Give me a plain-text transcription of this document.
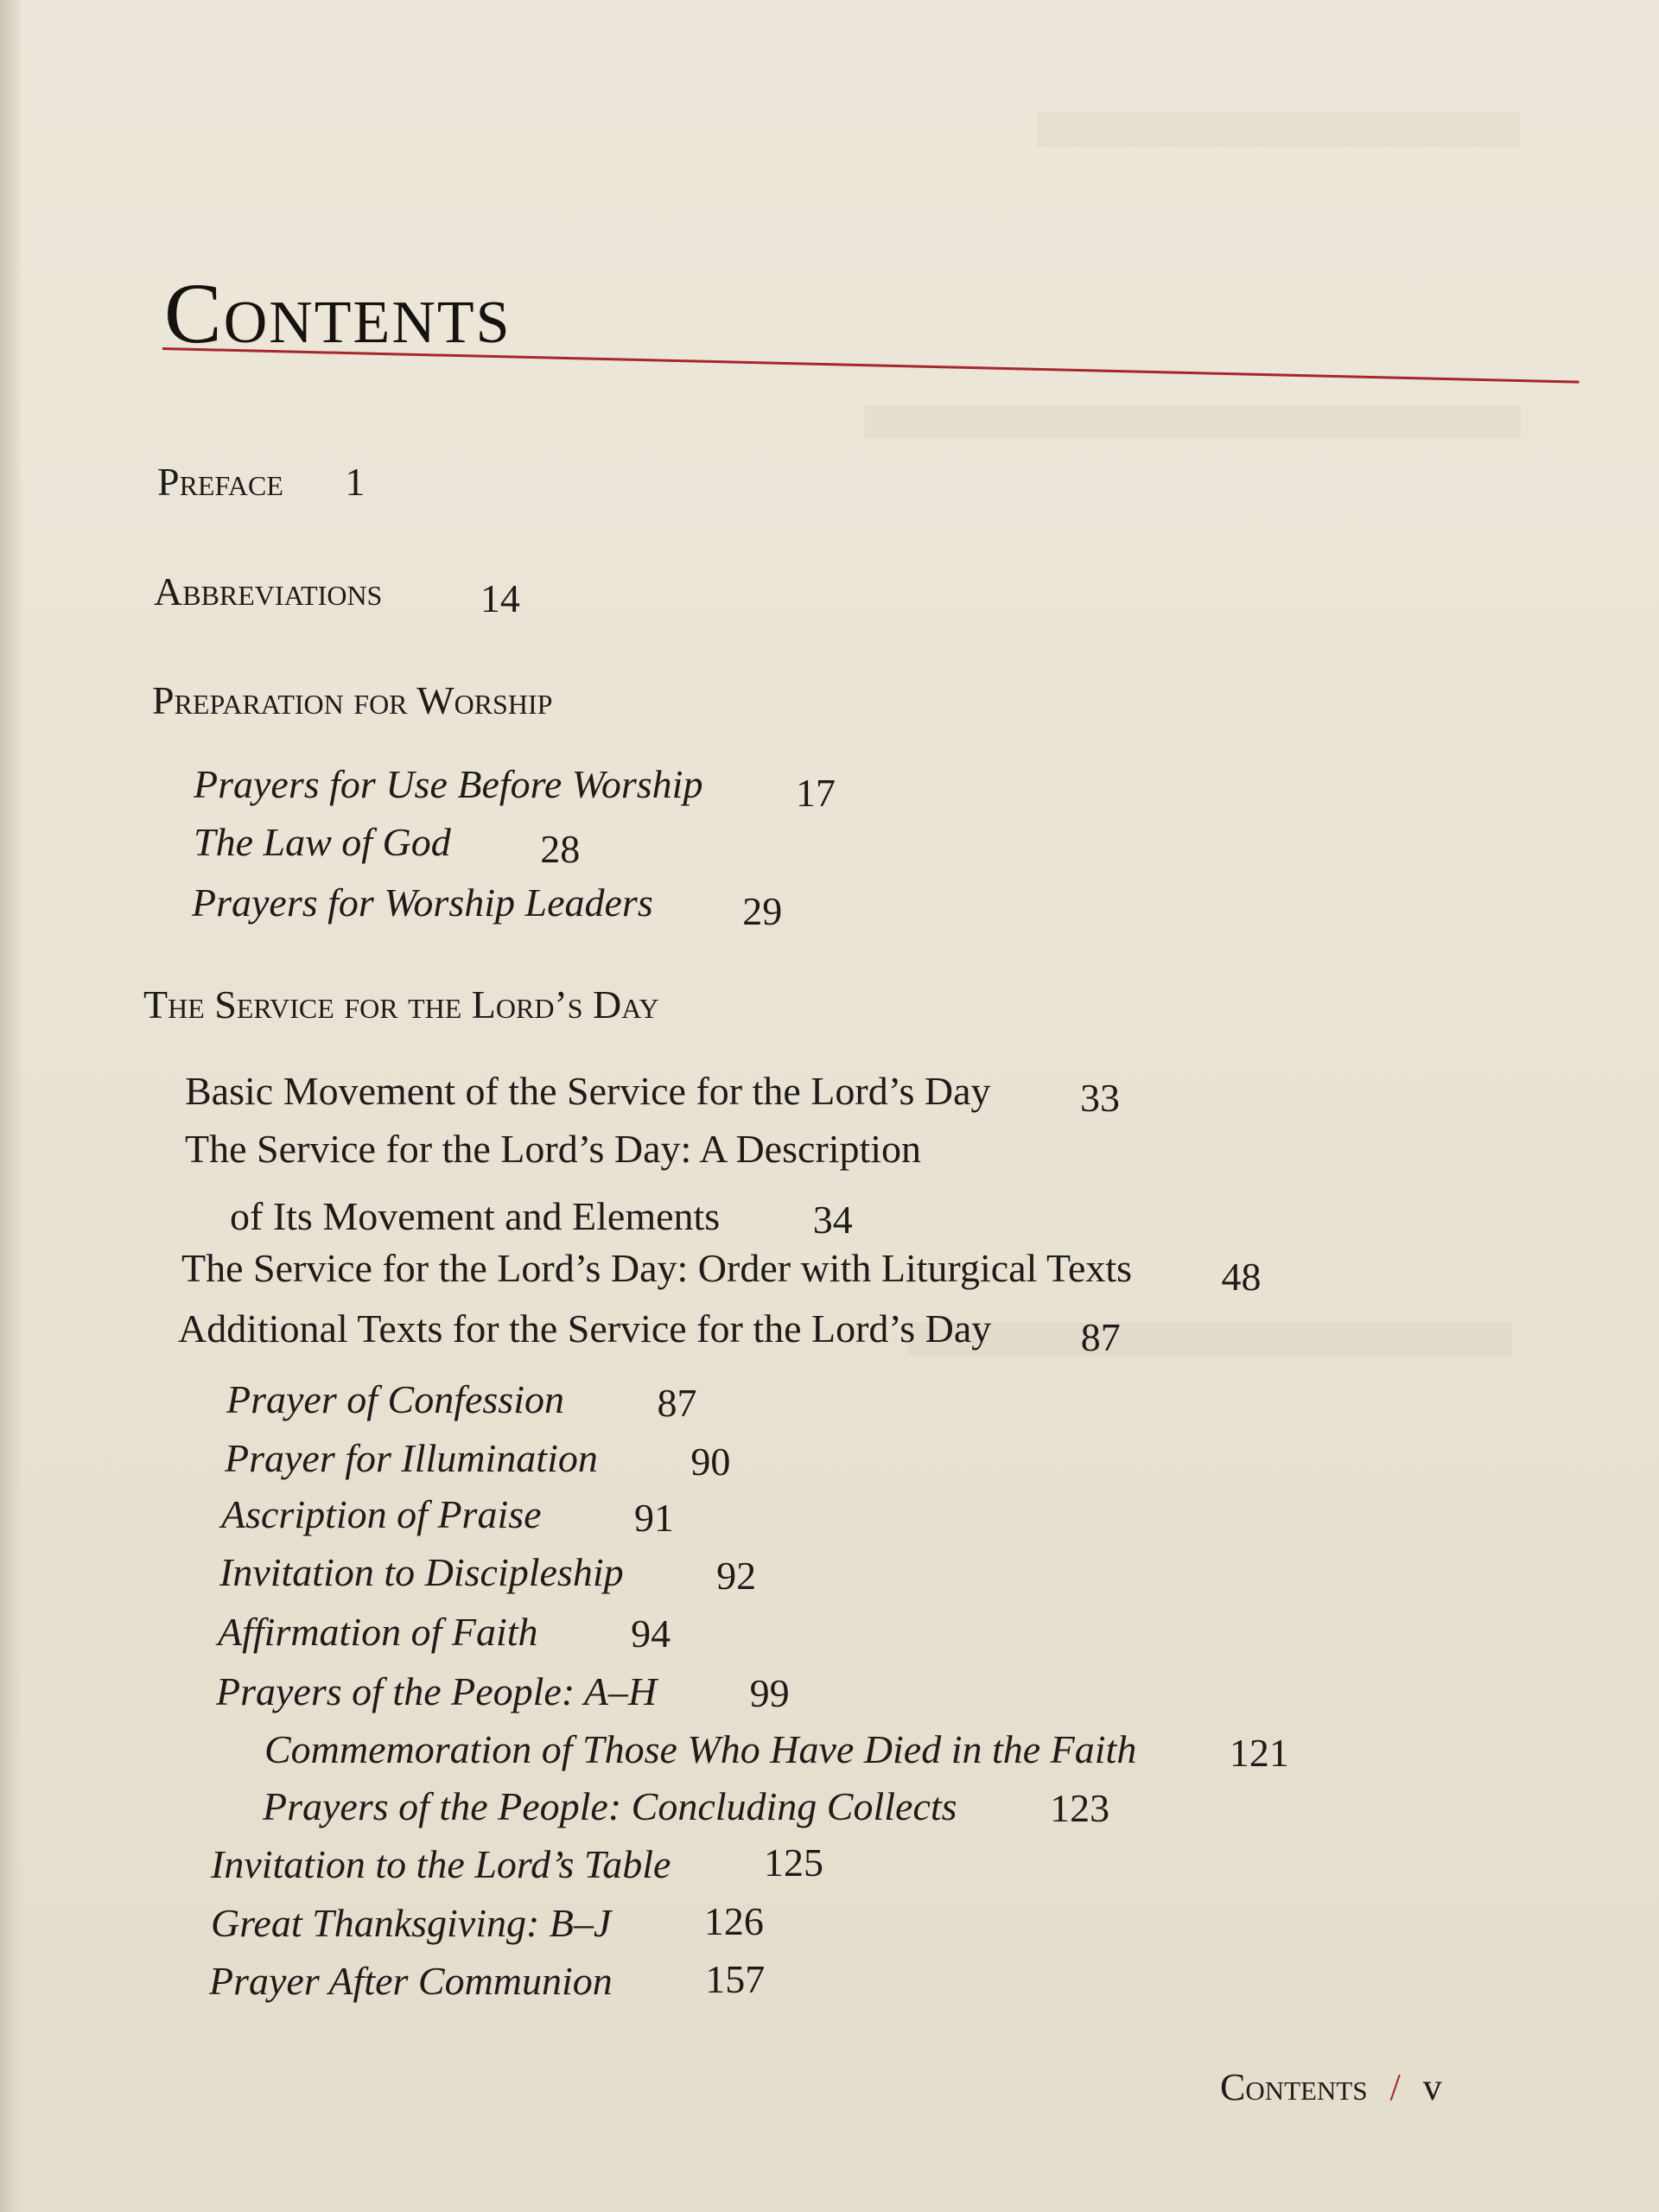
Contents
Preface 1
Abbreviations 14
Preparation for Worship
Prayers for Use Before Worship 17
The Law of God 28
Prayers for Worship Leaders 29
The Service for the Lord’s Day
Basic Movement of the Service for the Lord’s Day 33
The Service for the Lord’s Day: A Description
of Its Movement and Elements 34
The Service for the Lord’s Day: Order with Liturgical Texts 48
Additional Texts for the Service for the Lord’s Day 87
Prayer of Confession 87
Prayer for Illumination 90
Ascription of Praise 91
Invitation to Discipleship 92
Affirmation of Faith 94
Prayers of the People: A–H 99
Commemoration of Those Who Have Died in the Faith 121
Prayers of the People: Concluding Collects 123
Invitation to the Lord’s Table 125
Great Thanksgiving: B–J 126
Prayer After Communion 157
Contents / v
